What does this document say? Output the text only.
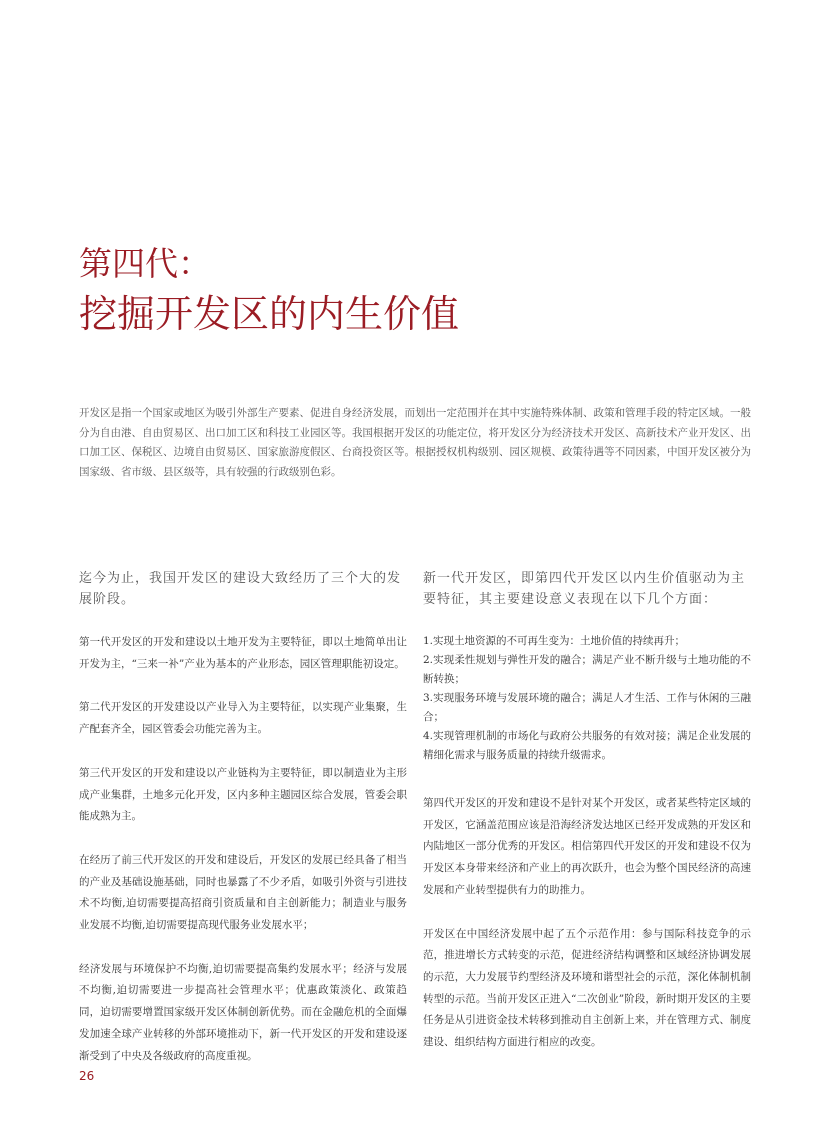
第四代：
挖掘开发区的内生价值

开发区是指一个国家或地区为吸引外部生产要素、促进自身经济发展，而划出一定范围并在其中实施特殊体制、政策和管理手段的特定区域。一般分为自由港、自由贸易区、出口加工区和科技工业园区等。我国根据开发区的功能定位，将开发区分为经济技术开发区、高新技术产业开发区、出口加工区、保税区、边境自由贸易区、国家旅游度假区、台商投资区等。根据授权机构级别、园区规模、政策待遇等不同因素，中国开发区被分为国家级、省市级、县区级等，具有较强的行政级别色彩。

迄今为止，我国开发区的建设大致经历了三个大的发展阶段。

第一代开发区的开发和建设以土地开发为主要特征，即以土地简单出让开发为主，“三来一补”产业为基本的产业形态，园区管理职能初设定。

第二代开发区的开发建设以产业导入为主要特征，以实现产业集聚，生产配套齐全，园区管委会功能完善为主。

第三代开发区的开发和建设以产业链构为主要特征，即以制造业为主形成产业集群，土地多元化开发，区内多种主题园区综合发展，管委会职能成熟为主。

在经历了前三代开发区的开发和建设后，开发区的发展已经具备了相当的产业及基础设施基础，同时也暴露了不少矛盾，如吸引外资与引进技术不均衡,迫切需要提高招商引资质量和自主创新能力；制造业与服务业发展不均衡,迫切需要提高现代服务业发展水平；

经济发展与环境保护不均衡,迫切需要提高集约发展水平；经济与发展不均衡,迫切需要进一步提高社会管理水平；优惠政策淡化、政策趋同，迫切需要增置国家级开发区体制创新优势。而在金融危机的全面爆发加速全球产业转移的外部环境推动下，新一代开发区的开发和建设逐渐受到了中央及各级政府的高度重视。

新一代开发区，即第四代开发区以内生价值驱动为主要特征，其主要建设意义表现在以下几个方面：

1.实现土地资源的不可再生变为：土地价值的持续再升；
2.实现柔性规划与弹性开发的融合；满足产业不断升级与土地功能的不断转换；
3.实现服务环境与发展环境的融合；满足人才生活、工作与休闲的三融合；
4.实现管理机制的市场化与政府公共服务的有效对接；满足企业发展的精细化需求与服务质量的持续升级需求。

第四代开发区的开发和建设不是针对某个开发区，或者某些特定区域的开发区，它涵盖范围应该是沿海经济发达地区已经开发成熟的开发区和内陆地区一部分优秀的开发区。相信第四代开发区的开发和建设不仅为开发区本身带来经济和产业上的再次跃升，也会为整个国民经济的高速发展和产业转型提供有力的助推力。

开发区在中国经济发展中起了五个示范作用：参与国际科技竞争的示范，推进增长方式转变的示范，促进经济结构调整和区域经济协调发展的示范，大力发展节约型经济及环境和谐型社会的示范，深化体制机制转型的示范。当前开发区正进入“二次创业”阶段，新时期开发区的主要任务是从引进资金技术转移到推动自主创新上来，并在管理方式、制度建设、组织结构方面进行相应的改变。

26
